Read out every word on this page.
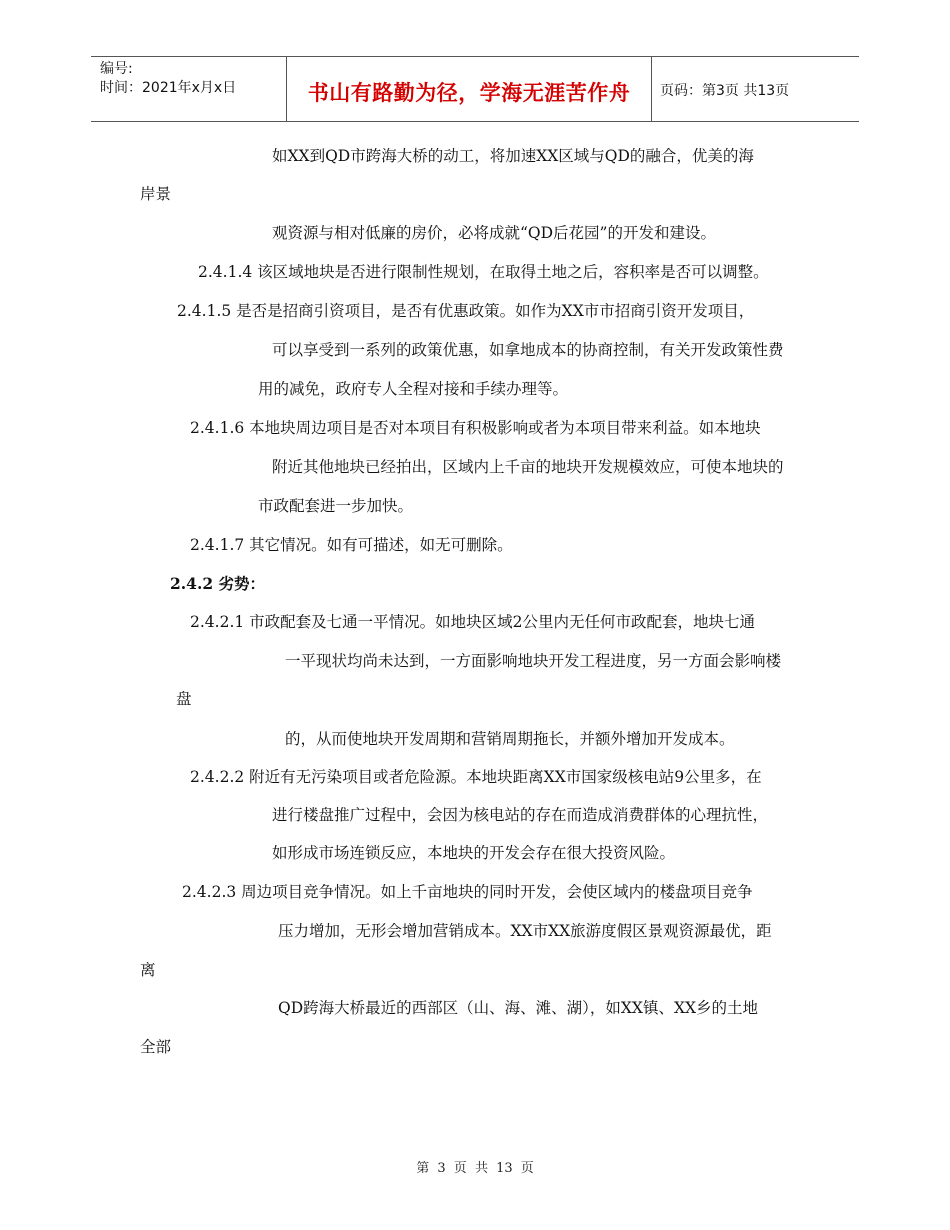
编号:
时间：2021年x月x日	书山有路勤为径，学海无涯苦作舟	页码：第3页 共13页
如XX到QD市跨海大桥的动工，将加速XX区域与QD的融合，优美的海
岸景
观资源与相对低廉的房价，必将成就“QD后花园”的开发和建设。
2.4.1.4 该区域地块是否进行限制性规划，在取得土地之后，容积率是否可以调整。
2.4.1.5 是否是招商引资项目，是否有优惠政策。如作为XX市市招商引资开发项目，
可以享受到一系列的政策优惠，如拿地成本的协商控制，有关开发政策性费
用的减免，政府专人全程对接和手续办理等。
2.4.1.6 本地块周边项目是否对本项目有积极影响或者为本项目带来利益。如本地块
附近其他地块已经拍出，区域内上千亩的地块开发规模效应，可使本地块的
市政配套进一步加快。
2.4.1.7 其它情况。如有可描述，如无可删除。
2.4.2 劣势：
2.4.2.1 市政配套及七通一平情况。如地块区域2公里内无任何市政配套，地块七通
一平现状均尚未达到，一方面影响地块开发工程进度，另一方面会影响楼
盘
的，从而使地块开发周期和营销周期拖长，并额外增加开发成本。
2.4.2.2 附近有无污染项目或者危险源。本地块距离XX市国家级核电站9公里多，在
进行楼盘推广过程中，会因为核电站的存在而造成消费群体的心理抗性，
如形成市场连锁反应，本地块的开发会存在很大投资风险。
2.4.2.3 周边项目竞争情况。如上千亩地块的同时开发，会使区域内的楼盘项目竞争
压力增加，无形会增加营销成本。XX市XX旅游度假区景观资源最优，距
离
QD跨海大桥最近的西部区（山、海、滩、湖），如XX镇、XX乡的土地
全部
第 3 页 共 13 页
